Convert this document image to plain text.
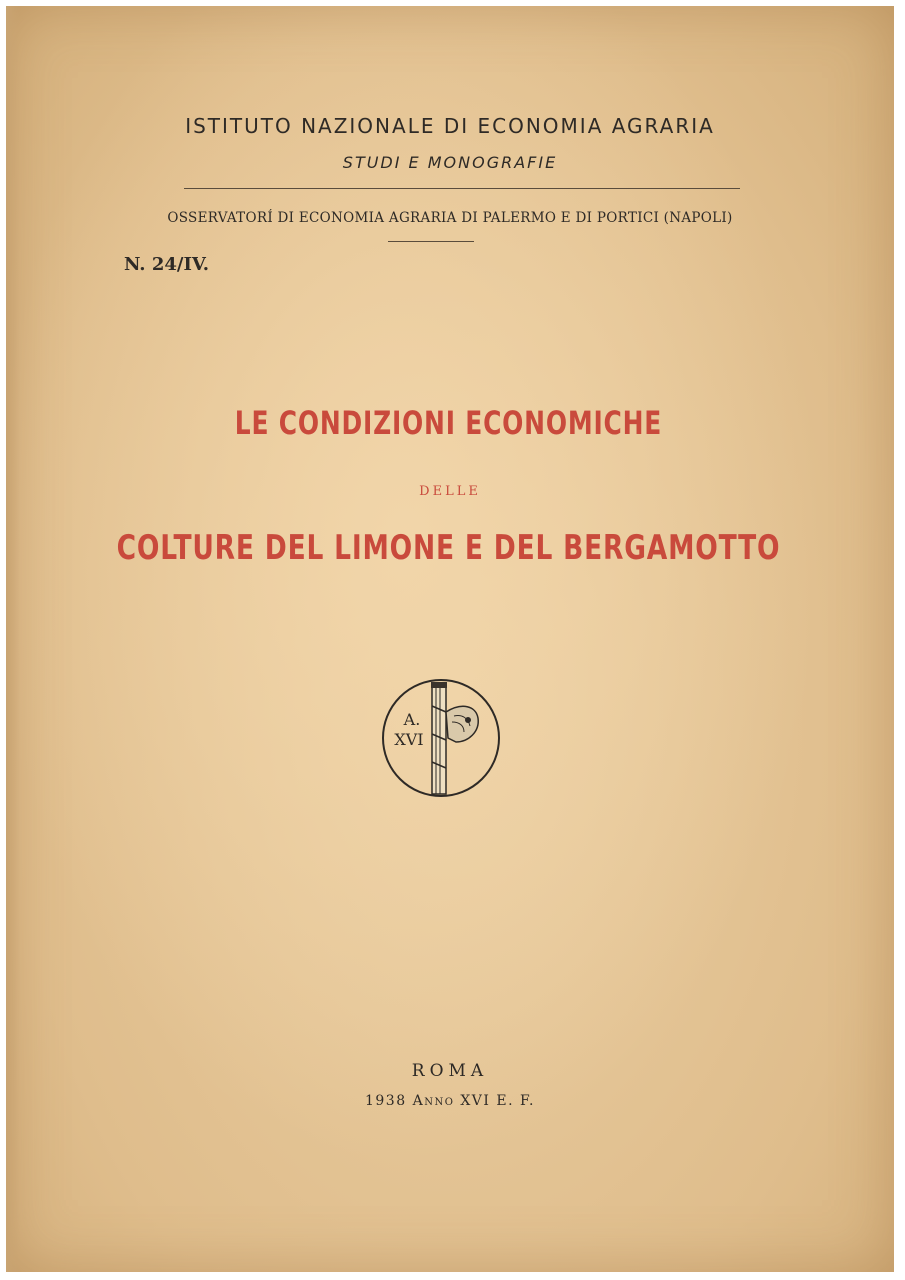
ISTITUTO NAZIONALE DI ECONOMIA AGRARIA
STUDI E MONOGRAFIE
OSSERVATORÍ DI ECONOMIA AGRARIA DI PALERMO E DI PORTICI (NAPOLI)
N. 24/IV.
LE CONDIZIONI ECONOMICHE
DELLE
COLTURE DEL LIMONE E DEL BERGAMOTTO
A.
XVI
ROMA
1938 Anno XVI E. F.
